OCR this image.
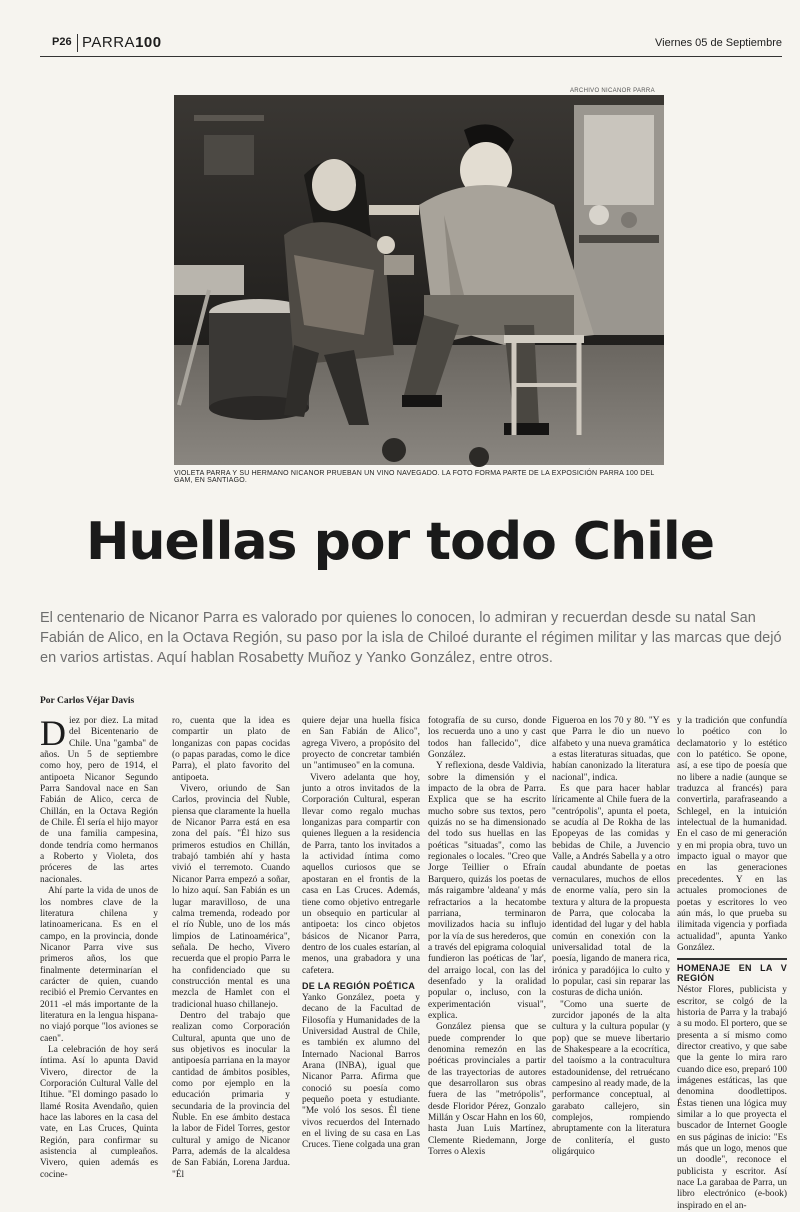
P26 PARRA100	Viernes 05 de Septiembre
ARCHIVO NICANOR PARRA
VIOLETA PARRA Y SU HERMANO NICANOR PRUEBAN UN VINO NAVEGADO. LA FOTO FORMA PARTE DE LA EXPOSICIÓN PARRA 100 DEL GAM, EN SANTIAGO.

Huellas por todo Chile
El centenario de Nicanor Parra es valorado por quienes lo conocen, lo admiran y recuerdan desde su natal San Fabián de Alico, en la Octava Región, su paso por la isla de Chiloé durante el régimen militar y las marcas que dejó en varios artistas. Aquí hablan Rosabetty Muñoz y Yanko González, entre otros.
Por Carlos Véjar Davis

Diez por diez. La mitad del Bicentenario de Chile. Una "gamba" de años. Un 5 de septiembre como hoy, pero de 1914, el antipoeta Nicanor Segundo Parra Sandoval nace en San Fabián de Alico, cerca de Chillán, en la Octava Región de Chile. Él sería el hijo mayor de una familia campesina, donde tendría como hermanos a Roberto y Violeta, dos próceres de las artes nacionales.

Ahí parte la vida de unos de los nombres clave de la literatura chilena y latinoamericana. Es en el campo, en la provincia, donde Nicanor Parra vive sus primeros años, los que finalmente determinarían el carácter de quien, cuando recibió el Premio Cervantes en 2011 -el más importante de la literatura en la lengua hispana- no viajó porque "los aviones se caen".

La celebración de hoy será íntima. Así lo apunta David Vivero, director de la Corporación Cultural Valle del Itihue. "El domingo pasado lo llamé Rosita Avendaño, quien hace las labores en la casa del vate, en Las Cruces, Quinta Región, para confirmar su asistencia al cumpleaños. Vivero, quien además es cocine-

ro, cuenta que la idea es compartir un plato de longanizas con papas cocidas (o papas paradas, como le dice Parra), el plato favorito del antipoeta.

Vivero, oriundo de San Carlos, provincia del Ñuble, piensa que claramente la huella de Nicanor Parra está en esa zona del país. "Él hizo sus primeros estudios en Chillán, trabajó también ahí y hasta vivió el terremoto. Cuando Nicanor Parra empezó a soñar, lo hizo aquí. San Fabián es un lugar maravilloso, de una calma tremenda, rodeado por el río Ñuble, uno de los más limpios de Latinoamérica", señala. De hecho, Vivero recuerda que el propio Parra le ha confidenciado que su construcción mental es una mezcla de Hamlet con el tradicional huaso chillanejo.

Dentro del trabajo que realizan como Corporación Cultural, apunta que uno de sus objetivos es inocular la antipoesía parriana en la mayor cantidad de ámbitos posibles, como por ejemplo en la educación primaria y secundaria de la provincia del Ñuble. En ese ámbito destaca la labor de Fidel Torres, gestor cultural y amigo de Nicanor Parra, además de la alcaldesa de San Fabián, Lorena Jardua. "Él

quiere dejar una huella física en San Fabián de Alico", agrega Vivero, a propósito del proyecto de concretar también un "antimuseo" en la comuna.

Vivero adelanta que hoy, junto a otros invitados de la Corporación Cultural, esperan llevar como regalo muchas longanizas para compartir con quienes lleguen a la residencia de Parra, tanto los invitados a la actividad íntima como aquellos curiosos que se apostaran en el frontis de la casa en Las Cruces. Además, tiene como objetivo entregarle un obsequio en particular al antipoeta: los cinco objetos básicos de Nicanor Parra, dentro de los cuales estarían, al menos, una grabadora y una cafetera.

DE LA REGIÓN POÉTICA

Yanko González, poeta y decano de la Facultad de Filosofía y Humanidades de la Universidad Austral de Chile, es también ex alumno del Internado Nacional Barros Arana (INBA), igual que Nicanor Parra. Afirma que conoció su poesía como pequeño poeta y estudiante. "Me voló los sesos. Él tiene vivos recuerdos del Internado en el living de su casa en Las Cruces. Tiene colgada una gran

fotografía de su curso, donde los recuerda uno a uno y cast todos han fallecido", dice González.

Y reflexiona, desde Valdivia, sobre la dimensión y el impacto de la obra de Parra. Explica que se ha escrito mucho sobre sus textos, pero quizás no se ha dimensionado del todo sus huellas en las poéticas "situadas", como las regionales o locales. "Creo que Jorge Teillier o Efraín Barquero, quizás los poetas de más raigambre 'aldeana' y más refractarios a la hecatombe parriana, terminaron movilizados hacia su influjo por la vía de sus herederos, que a través del epigrama coloquial fundieron las poéticas de 'lar', del arraigo local, con las del desenfado y la oralidad popular o, incluso, con la experimentación visual", explica.

González piensa que se puede comprender lo que denomina remezón en las poéticas provinciales a partir de las trayectorias de autores que desarrollaron sus obras fuera de las "metrópolis", desde Floridor Pérez, Gonzalo Millán y Oscar Hahn en los 60, hasta Juan Luis Martínez, Clemente Riedemann, Jorge Torres o Alexis

Figueroa en los 70 y 80. "Y es que Parra le dio un nuevo alfabeto y una nueva gramática a estas literaturas situadas, que habían canonizado la literatura nacional", indica.

Es que para hacer hablar líricamente al Chile fuera de la "centrópolis", apunta el poeta, se acudía al De Rokha de las Epopeyas de las comidas y bebidas de Chile, a Juvencio Valle, a Andrés Sabella y a otro caudal abundante de poetas vernaculares, muchos de ellos de enorme valía, pero sin la textura y altura de la propuesta de Parra, que colocaba la identidad del lugar y del habla común en conexión con la universalidad total de la poesía, ligando de manera rica, irónica y paradójica lo culto y lo popular, casi sin reparar las costuras de dicha unión.

"Como una suerte de zurcidor japonés de la alta cultura y la cultura popular (y pop) que se mueve libertario de Shakespeare a la ecocrítica, del taoísmo a la contracultura estadounidense, del retruécano campesino al ready made, de la performance conceptual, al garabato callejero, sin complejos, rompiendo abruptamente con la literatura de conlitería, el gusto oligárquico

y la tradición que confundía lo poético con lo declamatorio y lo estético con lo patético. Se opone, así, a ese tipo de poesía que no libere a nadie (aunque se traduzca al francés) para convertirla, parafraseando a Schlegel, en la intuición intelectual de la humanidad. En el caso de mi generación y en mi propia obra, tuvo un impacto igual o mayor que en las generaciones precedentes. Y en las actuales promociones de poetas y escritores lo veo aún más, lo que prueba su ilimitada vigencia y porfiada actualidad", apunta Yanko González.

HOMENAJE EN LA V REGIÓN

Néstor Flores, publicista y escritor, se colgó de la historia de Parra y la trabajó a su modo. El portero, que se presenta a sí mismo como director creativo, y que sabe que la gente lo mira raro cuando dice eso, preparó 100 imágenes estáticas, las que denomina doodlettipos. Éstas tienen una lógica muy similar a lo que proyecta el buscador de Internet Google en sus páginas de inicio: "Es más que un logo, menos que un doodle", reconoce el publicista y escritor. Así nace La garabaa de Parra, un libro electrónico (e-book) inspirado en el an-
